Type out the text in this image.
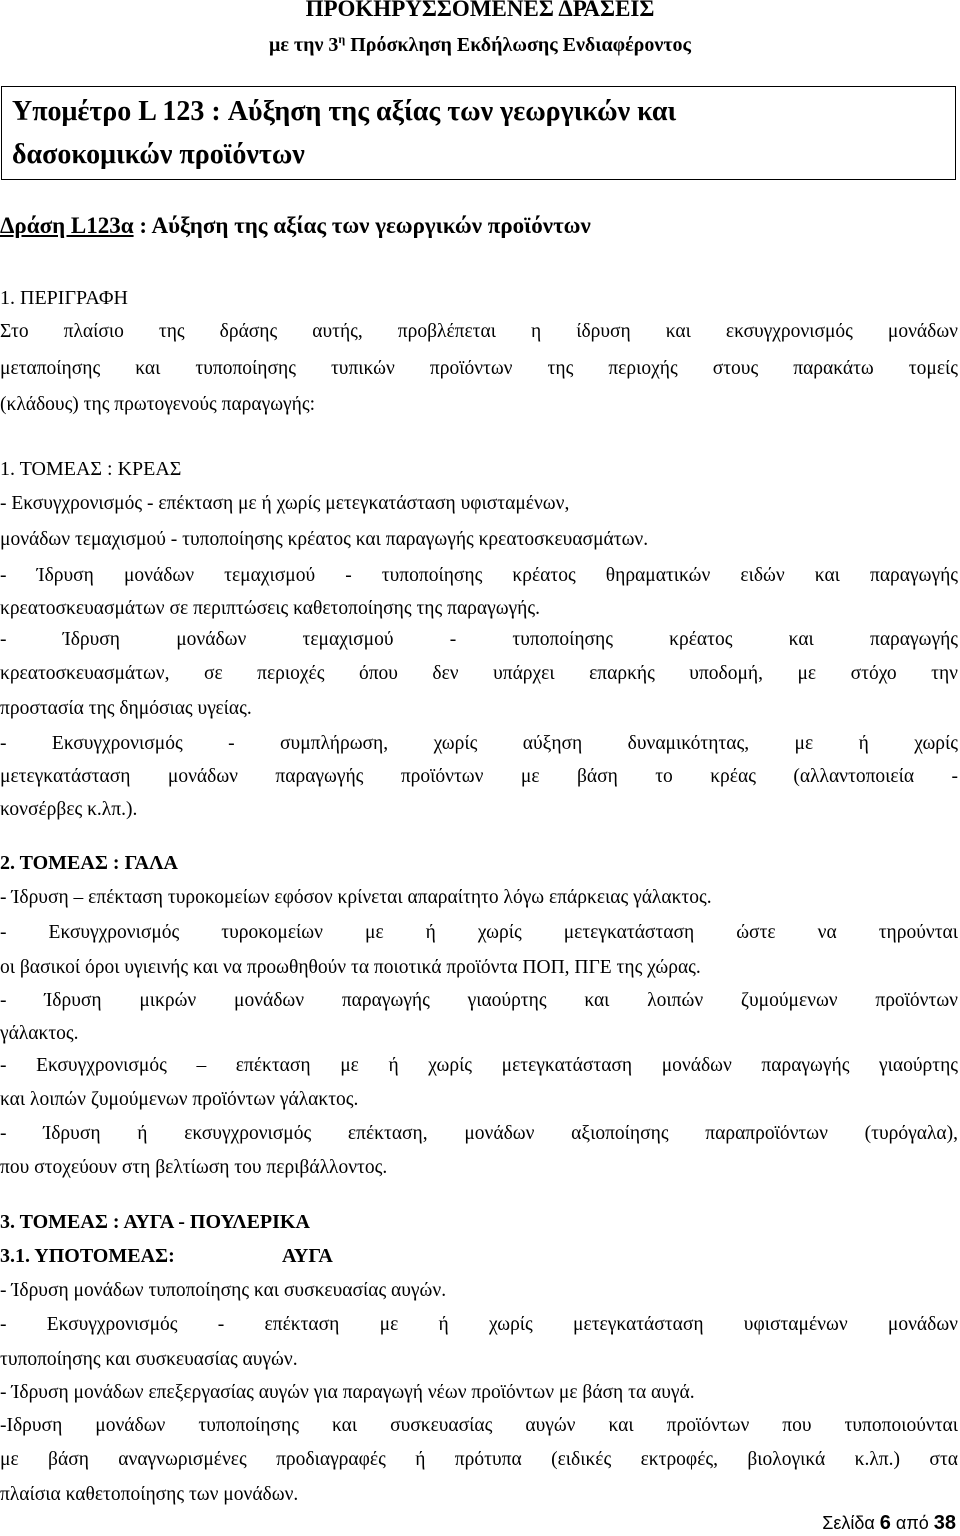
ΠΡΟΚΗΡΥΣΣΟΜΕΝΕΣ ΔΡΑΣΕΙΣ
με την $3^\eta$ Πρόσκληση Εκδήλωσης Ενδιαφέροντος
Υπομέτρο L 123 : Αύξηση της αξίας των γεωργικών και
δασοκομικών προϊόντων
Δράση L123α : Αύξηση της αξίας των γεωργικών προϊόντων
1. ΠΕΡΙΓΡΑΦΗ
Στο πλαίσιο της δράσης αυτής, προβλέπεται η ίδρυση και εκσυγχρονισμός μονάδων
μεταποίησης και τυποποίησης τυπικών προϊόντων της περιοχής στους παρακάτω τομείς
(κλάδους) της πρωτογενούς παραγωγής:
1. ΤΟΜΕΑΣ : ΚΡΕΑΣ
- Εκσυγχρονισμός - επέκταση με ή χωρίς μετεγκατάσταση υφισταμένων,
μονάδων τεμαχισμού - τυποποίησης κρέατος και παραγωγής κρεατοσκευασμάτων.
- Ίδρυση μονάδων τεμαχισμού - τυποποίησης κρέατος θηραματικών ειδών και παραγωγής
κρεατοσκευασμάτων σε περιπτώσεις καθετοποίησης της παραγωγής.
- Ίδρυση μονάδων τεμαχισμού - τυποποίησης κρέατος και παραγωγής
κρεατοσκευασμάτων, σε περιοχές όπου δεν υπάρχει επαρκής υποδομή, με στόχο την
προστασία της δημόσιας υγείας.
- Εκσυγχρονισμός - συμπλήρωση, χωρίς αύξηση δυναμικότητας, με ή χωρίς
μετεγκατάσταση μονάδων παραγωγής προϊόντων με βάση το κρέας (αλλαντοποιεία -
κονσέρβες κ.λπ.).
2. ΤΟΜΕΑΣ : ΓΑΛΑ
- Ίδρυση – επέκταση τυροκομείων εφόσον κρίνεται απαραίτητο λόγω επάρκειας γάλακτος.
- Εκσυγχρονισμός τυροκομείων με ή χωρίς μετεγκατάσταση ώστε να τηρούνται
οι βασικοί όροι υγιεινής και να προωθηθούν τα ποιοτικά προϊόντα ΠΟΠ, ΠΓΕ της χώρας.
- Ίδρυση μικρών μονάδων παραγωγής γιαούρτης και λοιπών ζυμούμενων προϊόντων
γάλακτος.
- Εκσυγχρονισμός – επέκταση με ή χωρίς μετεγκατάσταση μονάδων παραγωγής γιαούρτης
και λοιπών ζυμούμενων προϊόντων γάλακτος.
- Ίδρυση ή εκσυγχρονισμός επέκταση, μονάδων αξιοποίησης παραπροϊόντων (τυρόγαλα),
που στοχεύουν στη βελτίωση του περιβάλλοντος.
3. ΤΟΜΕΑΣ : ΑΥΓΑ - ΠΟΥΛΕΡΙΚΑ
3.1. ΥΠΟΤΟΜΕΑΣ:	ΑΥΓΑ
- Ίδρυση μονάδων τυποποίησης και συσκευασίας αυγών.
- Εκσυγχρονισμός - επέκταση με ή χωρίς μετεγκατάσταση υφισταμένων μονάδων
τυποποίησης και συσκευασίας αυγών.
- Ίδρυση μονάδων επεξεργασίας αυγών για παραγωγή νέων προϊόντων με βάση τα αυγά.
-Ιδρυση μονάδων τυποποίησης και συσκευασίας αυγών και προϊόντων που τυποποιούνται
με βάση αναγνωρισμένες προδιαγραφές ή πρότυπα (ειδικές εκτροφές, βιολογικά κ.λπ.) στα
πλαίσια καθετοποίησης των μονάδων.
Σελίδα 6 από 38
